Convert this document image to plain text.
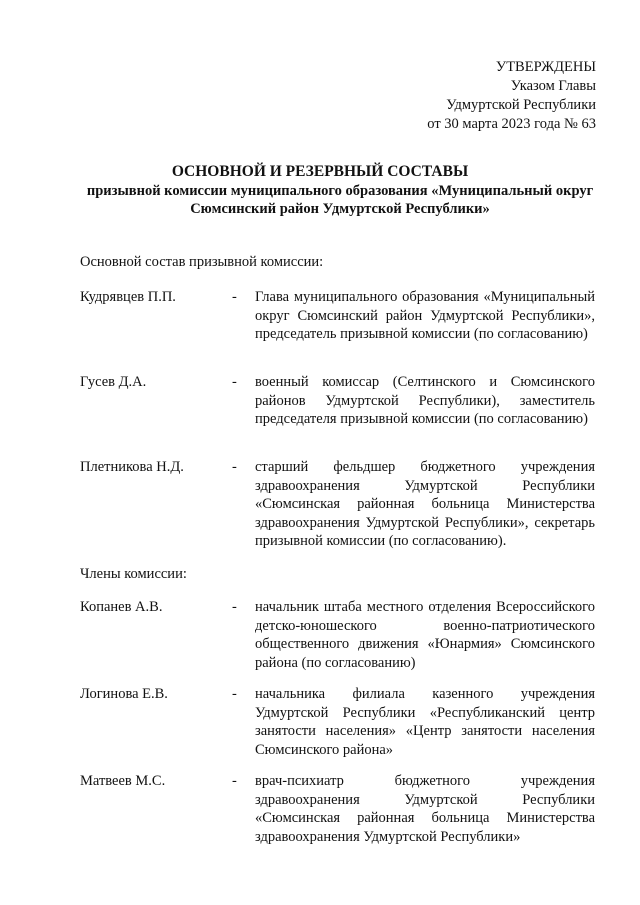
УТВЕРЖДЕНЫ
Указом Главы
Удмуртской Республики
от 30 марта 2023 года № 63
ОСНОВНОЙ И РЕЗЕРВНЫЙ СОСТАВЫ
призывной комиссии муниципального образования «Муниципальный округ Сюмсинский район Удмуртской Республики»
Основной состав призывной комиссии:
Кудрявцев П.П.	- Глава муниципального образования «Муниципальный округ Сюмсинский район Удмуртской Республики», председатель призывной комиссии (по согласованию)
Гусев Д.А.	- военный комиссар (Селтинского и Сюмсинского районов Удмуртской Республики), заместитель председателя призывной комиссии (по согласованию)
Плетникова Н.Д.	- старший фельдшер бюджетного учреждения здравоохранения Удмуртской Республики «Сюмсинская районная больница Министерства здравоохранения Удмуртской Республики», секретарь призывной комиссии (по согласованию).
Члены комиссии:
Копанев А.В.	- начальник штаба местного отделения Всероссийского детско-юношеского военно-патриотического общественного движения «Юнармия» Сюмсинского района (по согласованию)
Логинова Е.В.	- начальника филиала казенного учреждения Удмуртской Республики «Республиканский центр занятости населения» «Центр занятости населения Сюмсинского района»
Матвеев М.С.	- врач-психиатр бюджетного учреждения здравоохранения Удмуртской Республики «Сюмсинская районная больница Министерства здравоохранения Удмуртской Республики»
